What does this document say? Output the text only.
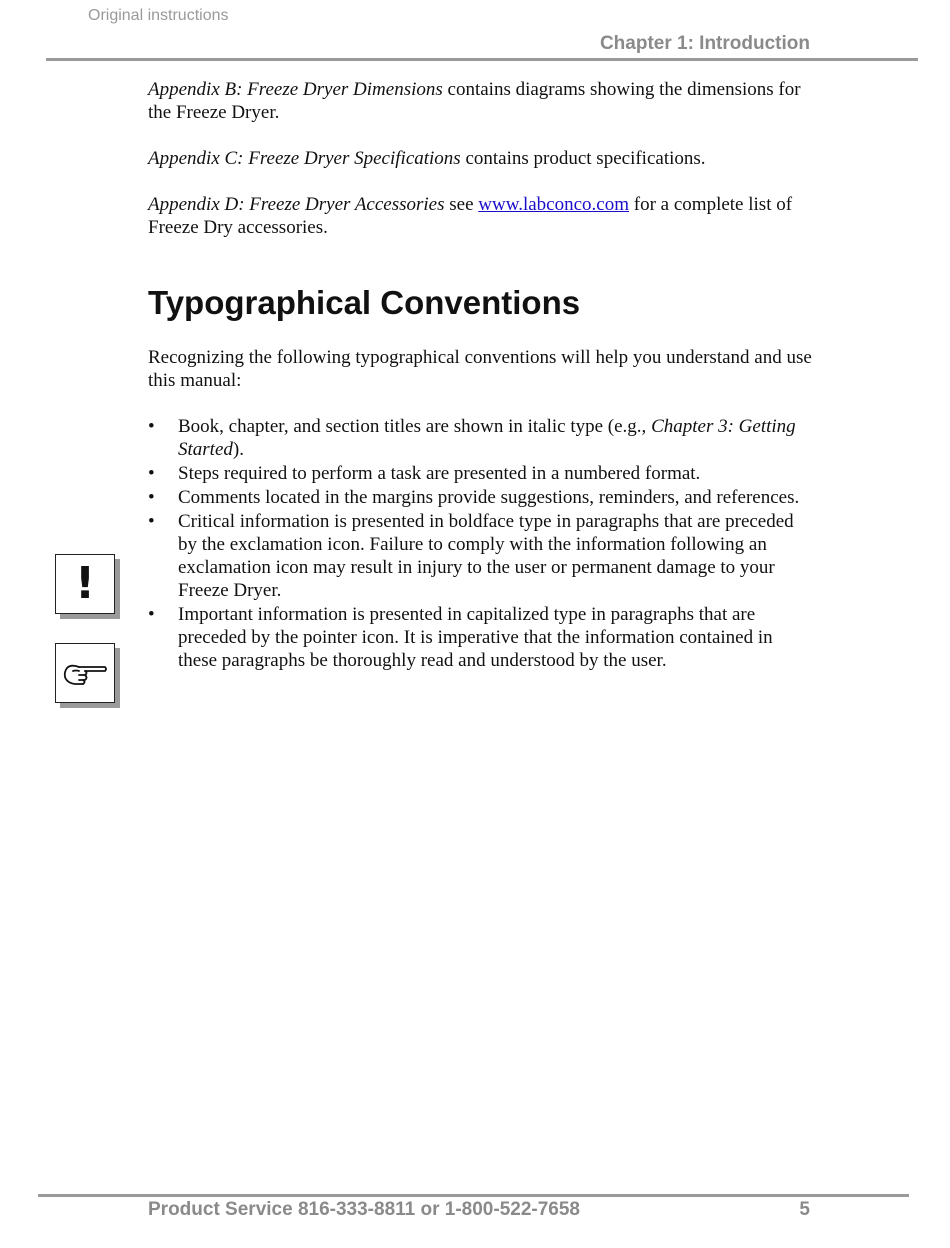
Original instructions
Chapter 1: Introduction

Appendix B: Freeze Dryer Dimensions contains diagrams showing the dimensions for the Freeze Dryer.

Appendix C: Freeze Dryer Specifications contains product specifications.

Appendix D: Freeze Dryer Accessories see www.labconco.com for a complete list of Freeze Dry accessories.

Typographical Conventions

Recognizing the following typographical conventions will help you understand and use this manual:

• Book, chapter, and section titles are shown in italic type (e.g., Chapter 3: Getting Started).
• Steps required to perform a task are presented in a numbered format.
• Comments located in the margins provide suggestions, reminders, and references.
• Critical information is presented in boldface type in paragraphs that are preceded by the exclamation icon. Failure to comply with the information following an exclamation icon may result in injury to the user or permanent damage to your Freeze Dryer.
• Important information is presented in capitalized type in paragraphs that are preceded by the pointer icon. It is imperative that the information contained in these paragraphs be thoroughly read and understood by the user.
!
Product Service 816-333-8811 or 1-800-522-7658	5
